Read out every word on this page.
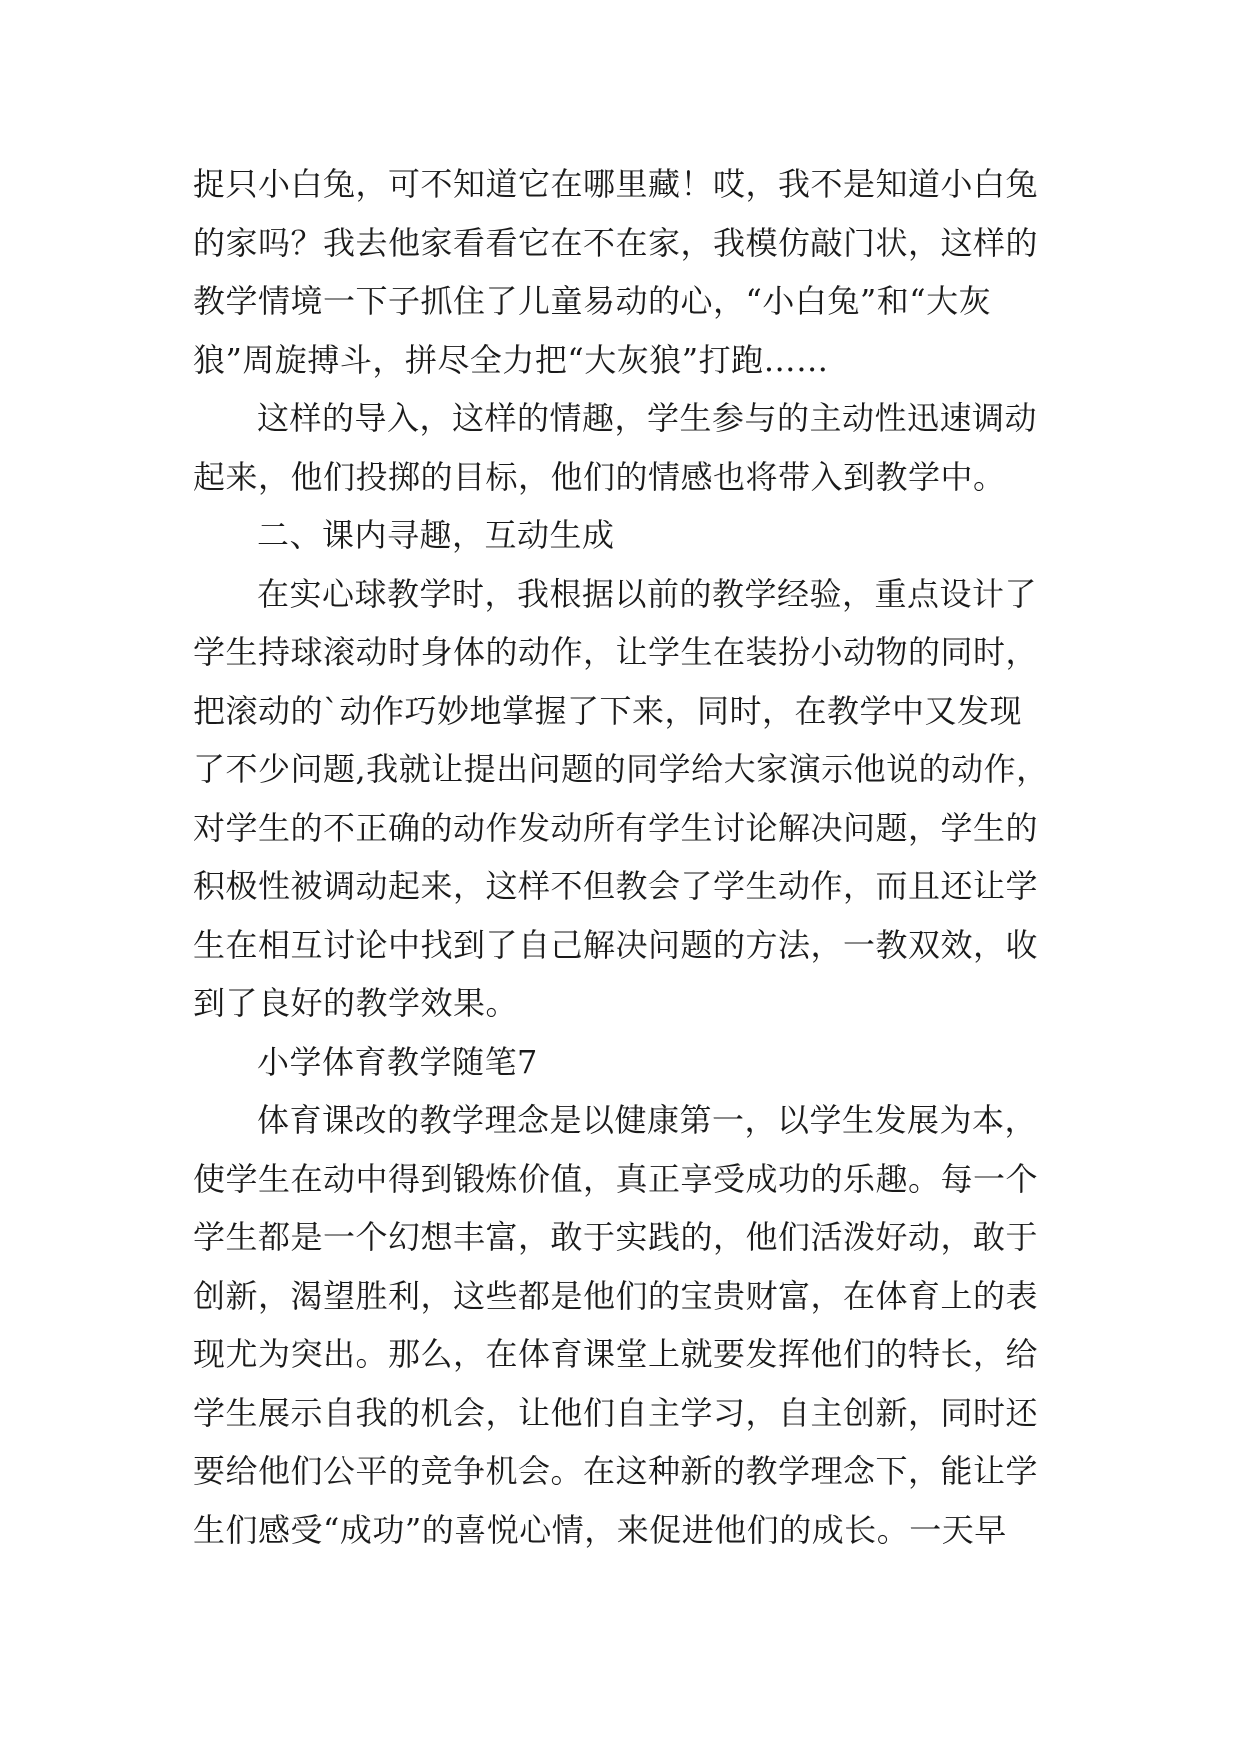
捉只小白兔，可不知道它在哪里藏！哎，我不是知道小白兔
的家吗？我去他家看看它在不在家，我模仿敲门状，这样的
教学情境一下子抓住了儿童易动的心，“小白兔”和“大灰
狼”周旋搏斗，拼尽全力把“大灰狼”打跑……
这样的导入，这样的情趣，学生参与的主动性迅速调动
起来，他们投掷的目标，他们的情感也将带入到教学中。
二、课内寻趣，互动生成
在实心球教学时，我根据以前的教学经验，重点设计了
学生持球滚动时身体的动作，让学生在装扮小动物的同时，
把滚动的`动作巧妙地掌握了下来，同时，在教学中又发现
了不少问题,我就让提出问题的同学给大家演示他说的动作，
对学生的不正确的动作发动所有学生讨论解决问题，学生的
积极性被调动起来，这样不但教会了学生动作，而且还让学
生在相互讨论中找到了自己解决问题的方法，一教双效，收
到了良好的教学效果。
小学体育教学随笔7
体育课改的教学理念是以健康第一，以学生发展为本，
使学生在动中得到锻炼价值，真正享受成功的乐趣。每一个
学生都是一个幻想丰富，敢于实践的，他们活泼好动，敢于
创新，渴望胜利，这些都是他们的宝贵财富，在体育上的表
现尤为突出。那么，在体育课堂上就要发挥他们的特长，给
学生展示自我的机会，让他们自主学习，自主创新，同时还
要给他们公平的竞争机会。在这种新的教学理念下，能让学
生们感受“成功”的喜悦心情，来促进他们的成长。一天早
